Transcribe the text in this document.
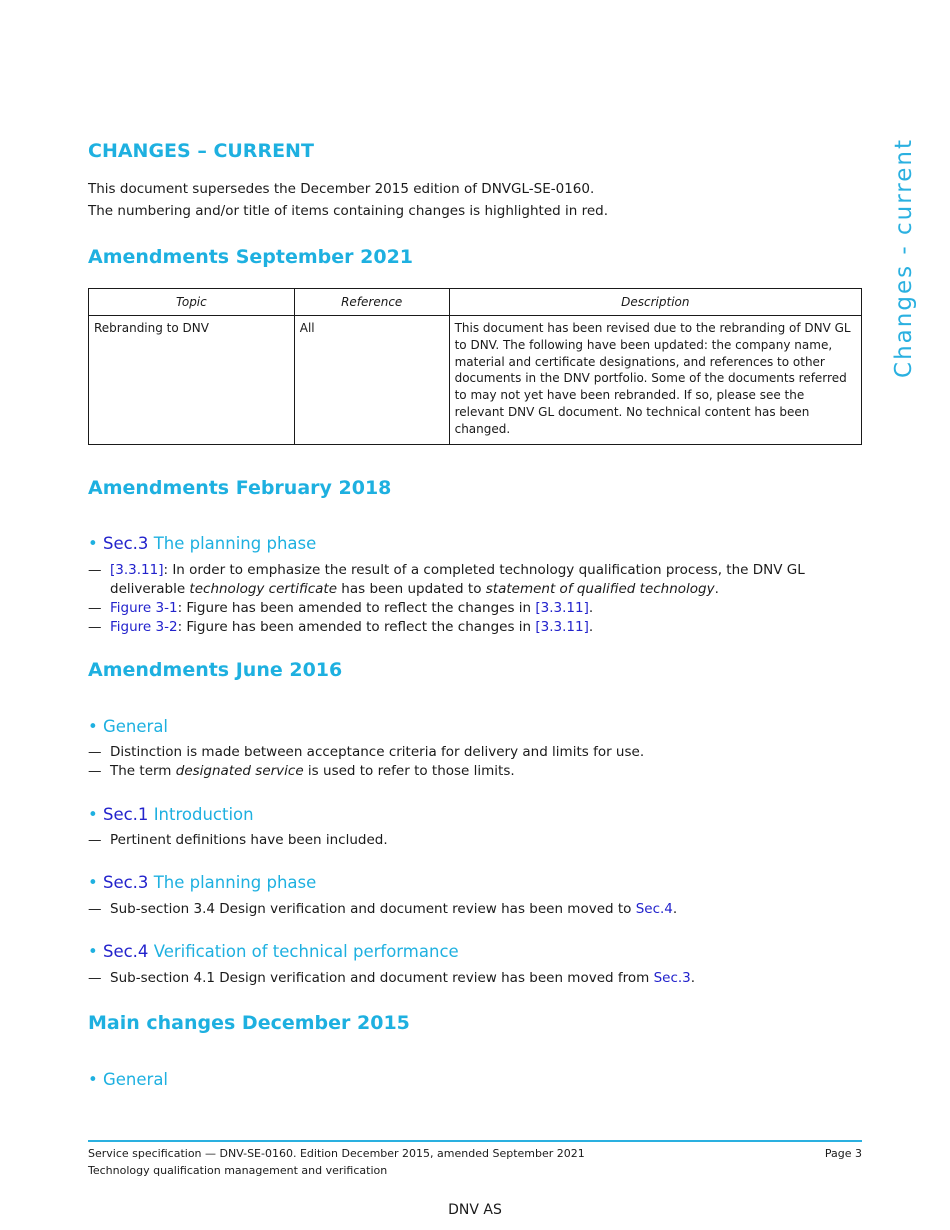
Changes - current
CHANGES – CURRENT
This document supersedes the December 2015 edition of DNVGL-SE-0160.
The numbering and/or title of items containing changes is highlighted in red.
Amendments September 2021
Topic	Reference	Description
Rebranding to DNV	All	This document has been revised due to the rebranding of DNV GL to DNV. The following have been updated: the company name, material and certificate designations, and references to other documents in the DNV portfolio. Some of the documents referred to may not yet have been rebranded. If so, please see the relevant DNV GL document. No technical content has been changed.
Amendments February 2018
• Sec.3 The planning phase
— [3.3.11]: In order to emphasize the result of a completed technology qualification process, the DNV GL deliverable technology certificate has been updated to statement of qualified technology.
— Figure 3-1: Figure has been amended to reflect the changes in [3.3.11].
— Figure 3-2: Figure has been amended to reflect the changes in [3.3.11].
Amendments June 2016
• General
— Distinction is made between acceptance criteria for delivery and limits for use.
— The term designated service is used to refer to those limits.
• Sec.1 Introduction
— Pertinent definitions have been included.
• Sec.3 The planning phase
— Sub-section 3.4 Design verification and document review has been moved to Sec.4.
• Sec.4 Verification of technical performance
— Sub-section 4.1 Design verification and document review has been moved from Sec.3.
Main changes December 2015
• General
Service specification — DNV-SE-0160. Edition December 2015, amended September 2021	Page 3
Technology qualification management and verification
DNV AS
